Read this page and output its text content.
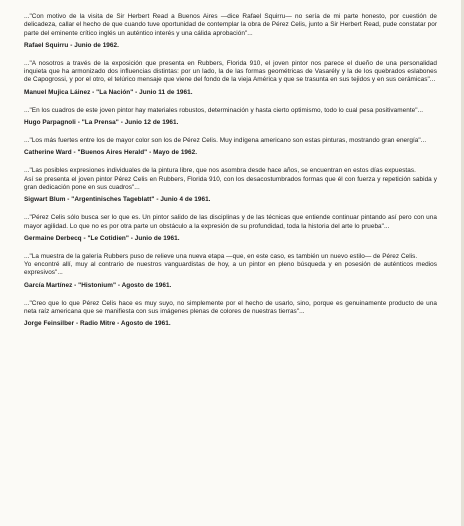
..."Con motivo de la visita de Sir Herbert Read a Buenos Aires —dice Rafael Squirru— no sería de mi parte honesto, por cuestión de delicadeza, callar el hecho de que cuando tuve oportunidad de contemplar la obra de Pérez Celis, junto a Sir Herbert Read, pude constatar por parte del eminente crítico inglés un auténtico interés y una cálida aprobación"...

Rafael Squirru - Junio de 1962.

..."A nosotros a través de la exposición que presenta en Rubbers, Florida 910, el joven pintor nos parece el dueño de una personalidad inquieta que ha armonizado dos influencias distintas: por un lado, la de las formas geométricas de Vasarély y la de los quebrados eslabones de Capogrossi, y por el otro, el telúrico mensaje que viene del fondo de la vieja América y que se trasunta en sus tejidos y en sus cerámicas"...

Manuel Mujica Láinez - "La Nación" - Junio 11 de 1961.

..."En los cuadros de este joven pintor hay materiales robustos, determinación y hasta cierto optimismo, todo lo cual pesa positivamente"...

Hugo Parpagnoli - "La Prensa" - Junio 12 de 1961.

..."Los más fuertes entre los de mayor color son los de Pérez Celis. Muy indígena americano son estas pinturas, mostrando gran energía"...

Catherine Ward - "Buenos Aires Herald" - Mayo de 1962.

..."Las posibles expresiones individuales de la pintura libre, que nos asombra desde hace años, se encuentran en estos días expuestas.

Así se presenta el joven pintor Pérez Celis en Rubbers, Florida 910, con los desacostumbrados formas que él con fuerza y repetición sabida y gran dedicación pone en sus cuadros"...

Sigwart Blum - "Argentinisches Tageblatt" - Junio 4 de 1961.

..."Pérez Celis sólo busca ser lo que es. Un pintor salido de las disciplinas y de las técnicas que entiende continuar pintando así pero con una mayor agilidad. Lo que no es por otra parte un obstáculo a la expresión de su profundidad, toda la historia del arte lo prueba"...

Germaine Derbecq - "Le Cotidien" - Junio de 1961.

..."La muestra de la galería Rubbers puso de relieve una nueva etapa —que, en este caso, es también un nuevo estilo— de Pérez Celis.

Yo encontré allí, muy al contrario de nuestros vanguardistas de hoy, a un pintor en pleno búsqueda y en posesión de auténticos medios expresivos"...

García Martínez - "Histonium" - Agosto de 1961.

..."Creo que lo que Pérez Celis hace es muy suyo, no simplemente por el hecho de usarlo, sino, porque es genuinamente producto de una neta raíz americana que se manifiesta con sus imágenes plenas de colores de nuestras tierras"...

Jorge Feinsilber - Radio Mitre - Agosto de 1961.
